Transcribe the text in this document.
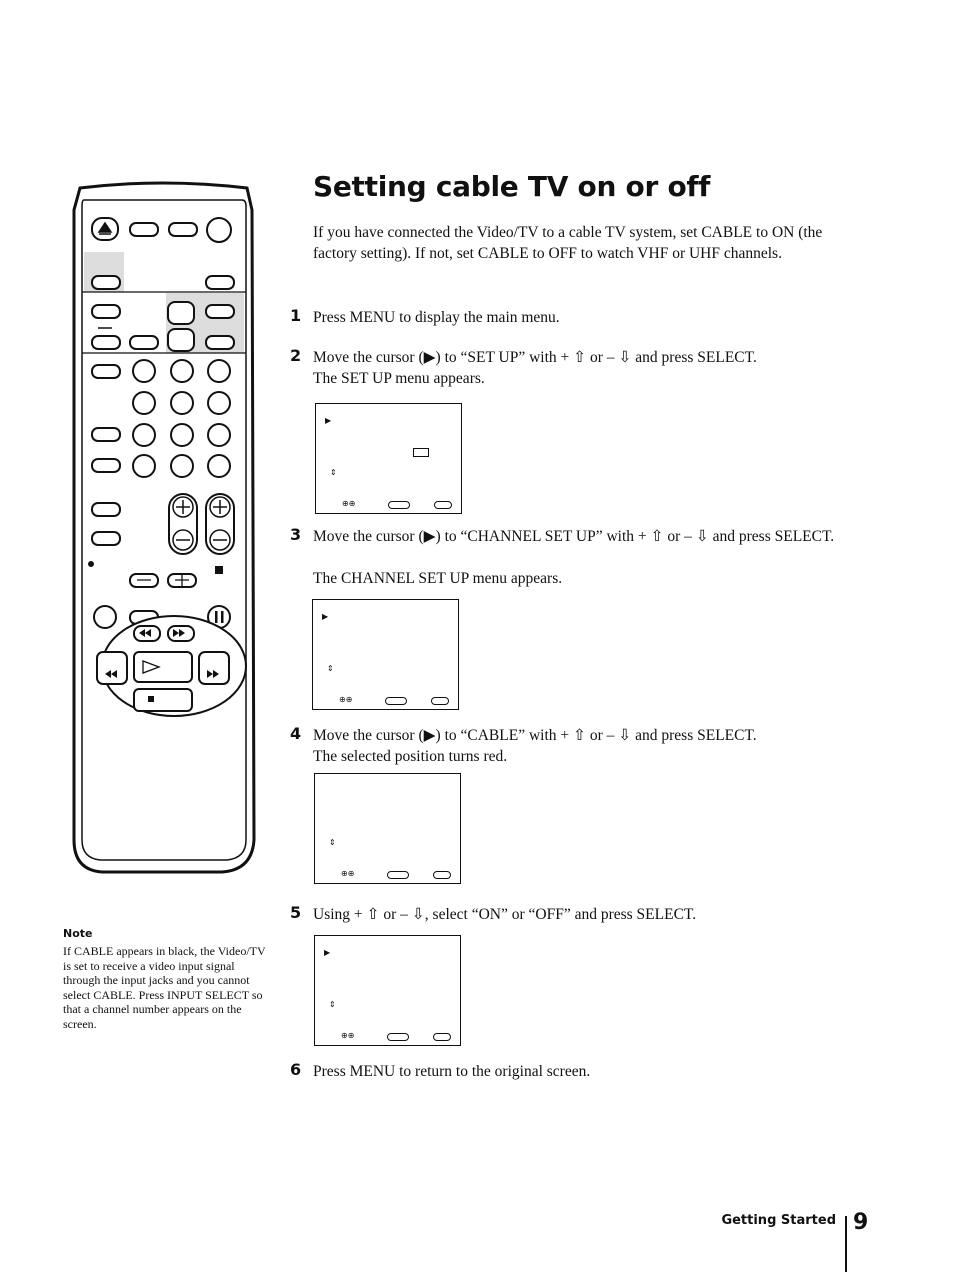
Setting cable TV on or off

If you have connected the Video/TV to a cable TV system, set CABLE to ON (the factory setting). If not, set CABLE to OFF to watch VHF or UHF channels.

1 Press MENU to display the main menu.

2 Move the cursor (▶) to “SET UP” with + ⇧ or – ⇩ and press SELECT.

The SET UP menu appears.

▶
⇕
⊕⊕
3 Move the cursor (▶) to “CHANNEL SET UP” with + ⇧ or – ⇩ and press SELECT.

The CHANNEL SET UP menu appears.

▶
⇕
⊕⊕
4 Move the cursor (▶) to “CABLE” with + ⇧ or – ⇩ and press SELECT.

The selected position turns red.

⇕
⊕⊕
5 Using + ⇧ or – ⇩, select “ON” or “OFF” and press SELECT.

▶
⇕
⊕⊕
6 Press MENU to return to the original screen.

Note

If CABLE appears in black, the Video/TV is set to receive a video input signal through the input jacks and you cannot select CABLE. Press INPUT SELECT so that a channel number appears on the screen.

Getting Started 9
